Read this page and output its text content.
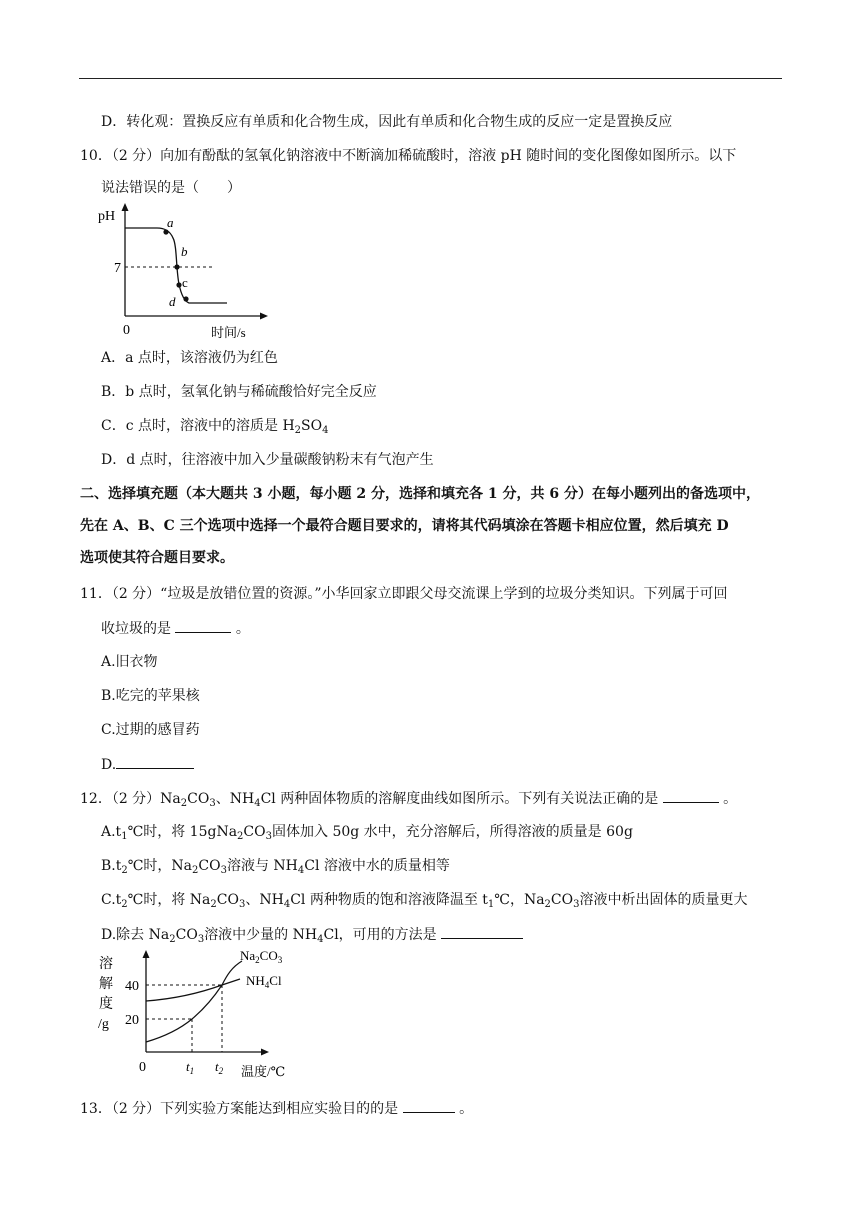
D．转化观：置换反应有单质和化合物生成，因此有单质和化合物生成的反应一定是置换反应
10．（2 分）向加有酚酞的氢氧化钠溶液中不断滴加稀硫酸时，溶液 pH 随时间的变化图像如图所示。以下
说法错误的是（　　）
pH
7
0	时间/s
a
b
c
d
A．a 点时，该溶液仍为红色
B．b 点时，氢氧化钠与稀硫酸恰好完全反应
C．c 点时，溶液中的溶质是 $H_2SO_4$
D．d 点时，往溶液中加入少量碳酸钠粉末有气泡产生
二、选择填充题（本大题共 3 小题，每小题 2 分，选择和填充各 1 分，共 6 分）在每小题列出的备选项中，
先在 A、B、C 三个选项中选择一个最符合题目要求的，请将其代码填涂在答题卡相应位置，然后填充 D
选项使其符合题目要求。
11．（2 分）“垃圾是放错位置的资源。”小华回家立即跟父母交流课上学到的垃圾分类知识。下列属于可回
收垃圾的是	。
A.旧衣物
B.吃完的苹果核
C.过期的感冒药
D.
12．（2 分）$Na_2CO_3$、$NH_4Cl$ 两种固体物质的溶解度曲线如图所示。下列有关说法正确的是	。
$A.t_1℃$时，将 $15gNa_2CO_3$固体加入 50g 水中，充分溶解后，所得溶液的质量是 60g
$B.t_2℃$时，$Na_2CO_3$溶液与 $NH_4Cl$ 溶液中水的质量相等
$C.t_2℃$时，将 $Na_2CO_3$、$NH_4Cl$ 两种物质的饱和溶液降温至 $t_1℃$，$Na_2CO_3$溶液中析出固体的质量更大
D.除去 $Na_2CO_3$溶液中少量的 $NH_4Cl$，可用的方法是
溶
解
度
/g
40
20
0	$t_1$ $t_2$ 温度/℃
$Na_2CO_3$
$NH_4Cl$
13．（2 分）下列实验方案能达到相应实验目的的是	。
